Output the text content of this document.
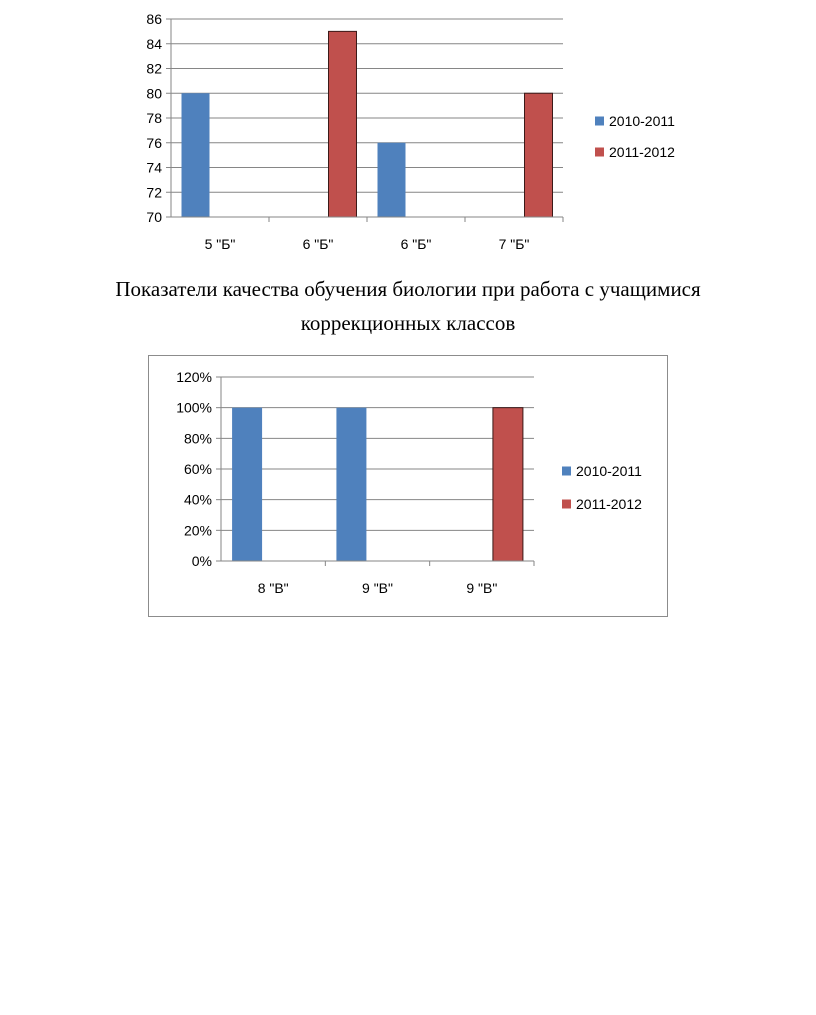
70
72
74
76
78
80
82
84
86
5 "Б"	6 "Б"	6 "Б"	7 "Б"
2010-2011
2011-2012
Показатели качества обучения биологии при работа с учащимися
коррекционных классов
0%
20%
40%
60%
80%
100%
120%
8 "В"	9 "В"	9 "В"
2010-2011
2011-2012
